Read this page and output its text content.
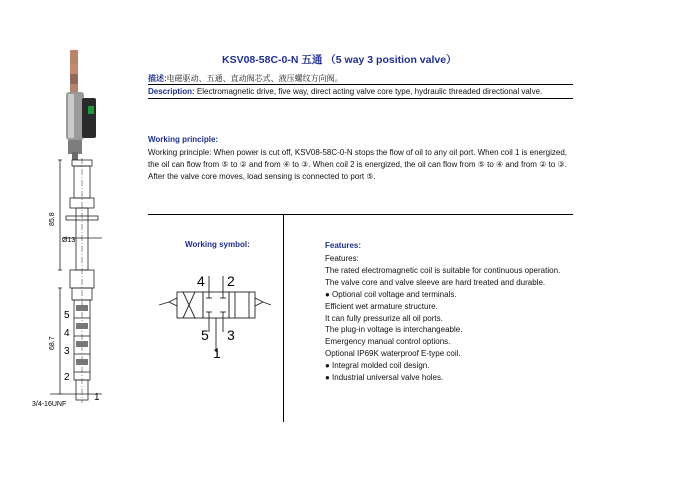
85.8
Ø13
68.7
5
4
3
2
1
3/4-16UNF
KSV08-58C-0-N 五通 （5 way 3 position valve）
描述:电磁驱动、五通、直动阀芯式、液压螺纹方向阀。
Description: Electromagnetic drive, five way, direct acting valve core type, hydraulic threaded directional valve.
Working principle:
Working principle: When power is cut off, KSV08-58C-0-N stops the flow of oil to any oil port. When coil 1 is energized, the oil can flow from ⑤ to ② and from ④ to ③. When coil 2 is energized, the oil can flow from ⑤ to ④ and from ② to ③. After the valve core moves, load sensing is connected to port ⑤.
Working symbol:
4 2
5 3
1
Features:
Features:
The rated electromagnetic coil is suitable for continuous operation.
The valve core and valve sleeve are hard treated and durable.
● Optional coil voltage and terminals.
Efficient wet armature structure.
It can fully pressurize all oil ports.
The plug-in voltage is interchangeable.
Emergency manual control options.
Optional IP69K waterproof E-type coil.
● Integral molded coil design.
● Industrial universal valve holes.
